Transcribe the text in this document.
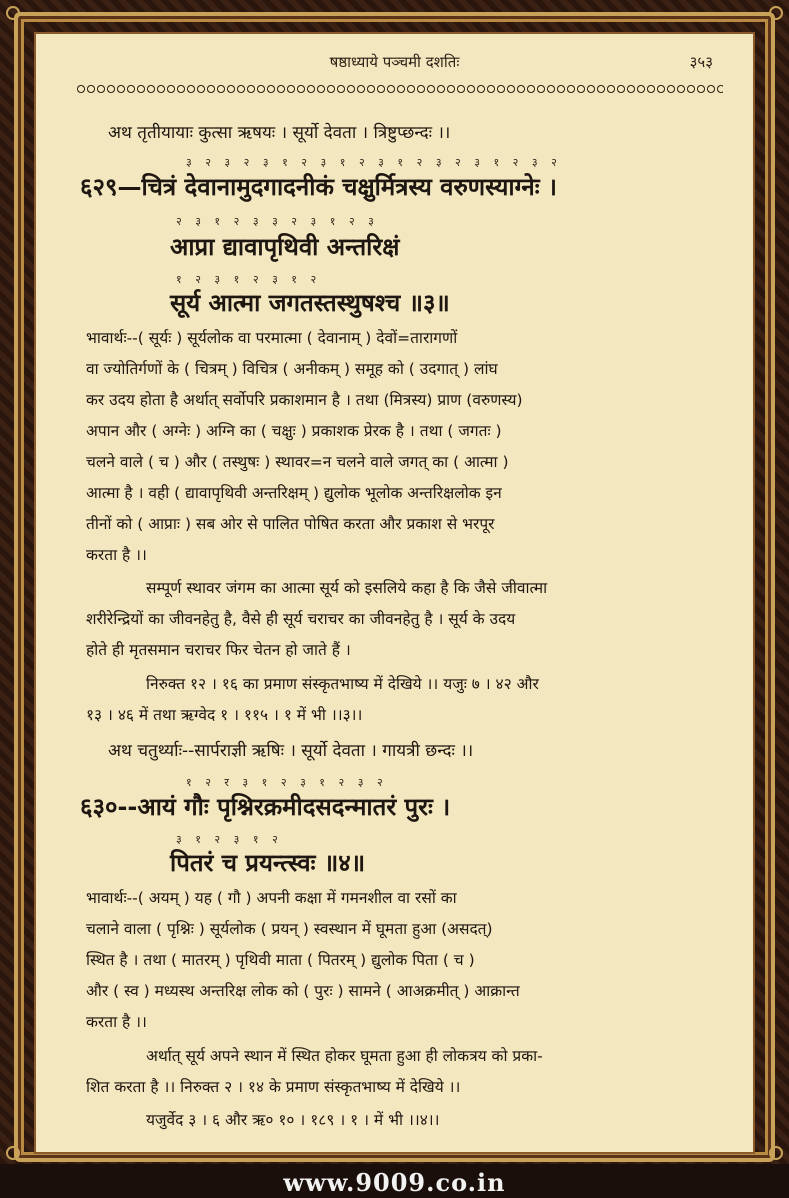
षष्ठाध्याये पञ्चमी दशतिः	३५३
अथ तृतीयायाः कुत्सा ऋषयः । सूर्यो देवता । त्रिष्टुप्छन्दः ।।
३ २ ३ २ ३ १ २ ३ १ २ ३ १ २ ३ २ ३ १ २ ३ २
६२९—चित्रं देवानामुदगादनीकं चक्षुर्मित्रस्य वरुणस्याग्नेः ।
२ ३ १ २ ३ ३ २ ३ १ २ ३
आप्रा द्यावापृथिवी अन्तरिक्षं
१ २ ३ १ २ ३ १ २
सूर्य आत्मा जगतस्तस्थुषश्च ॥३॥
भावार्थः--( सूर्यः ) सूर्यलोक वा परमात्मा ( देवानाम् ) देवों=तारागणों
वा ज्योतिर्गणों के ( चित्रम् ) विचित्र ( अनीकम् ) समूह को ( उदगात् ) लांघ
कर उदय होता है अर्थात् सर्वोपरि प्रकाशमान है । तथा (मित्रस्य) प्राण (वरुणस्य)
अपान और ( अग्नेः ) अग्नि का ( चक्षुः ) प्रकाशक प्रेरक है । तथा ( जगतः )
चलने वाले ( च ) और ( तस्थुषः ) स्थावर=न चलने वाले जगत् का ( आत्मा )
आत्मा है । वही ( द्यावापृथिवी अन्तरिक्षम् ) द्युलोक भूलोक अन्तरिक्षलोक इन
तीनों को ( आप्राः ) सब ओर से पालित पोषित करता और प्रकाश से भरपूर
करता है ।।
सम्पूर्ण स्थावर जंगम का आत्मा सूर्य को इसलिये कहा है कि जैसे जीवात्मा
शरीरेन्द्रियों का जीवनहेतु है, वैसे ही सूर्य चराचर का जीवनहेतु है । सूर्य के उदय
होते ही मृतसमान चराचर फिर चेतन हो जाते हैं ।
निरुक्त १२ । १६ का प्रमाण संस्कृतभाष्य में देखिये ।। यजुः ७ । ४२ और
१३ । ४६ में तथा ऋग्वेद १ । ११५ । १ में भी ।।३।।
अथ चतुर्थ्याः--सार्पराज्ञी ऋषिः । सूर्यो देवता । गायत्री छन्दः ।।
१ २ र ३ १ २ ३ १ २ ३ २
६३०--आयं गौः पृश्निरक्रमीदसदन्मातरं पुरः ।
३ १ २ ३ १ २
पितरं च प्रयन्त्स्वः ॥४॥
भावार्थः--( अयम् ) यह ( गौ ) अपनी कक्षा में गमनशील वा रसों का
चलाने वाला ( पृश्निः ) सूर्यलोक ( प्रयन् ) स्वस्थान में घूमता हुआ (असदत्)
स्थित है । तथा ( मातरम् ) पृथिवी माता ( पितरम् ) द्युलोक पिता ( च )
और ( स्व ) मध्यस्थ अन्तरिक्ष लोक को ( पुरः ) सामने ( आअक्रमीत् ) आक्रान्त
करता है ।।
अर्थात् सूर्य अपने स्थान में स्थित होकर घूमता हुआ ही लोकत्रय को प्रका-
शित करता है ।। निरुक्त २ । १४ के प्रमाण संस्कृतभाष्य में देखिये ।।
यजुर्वेद ३ । ६ और ऋ० १० । १८९ । १ । में भी ।।४।।
www.9009.co.in
